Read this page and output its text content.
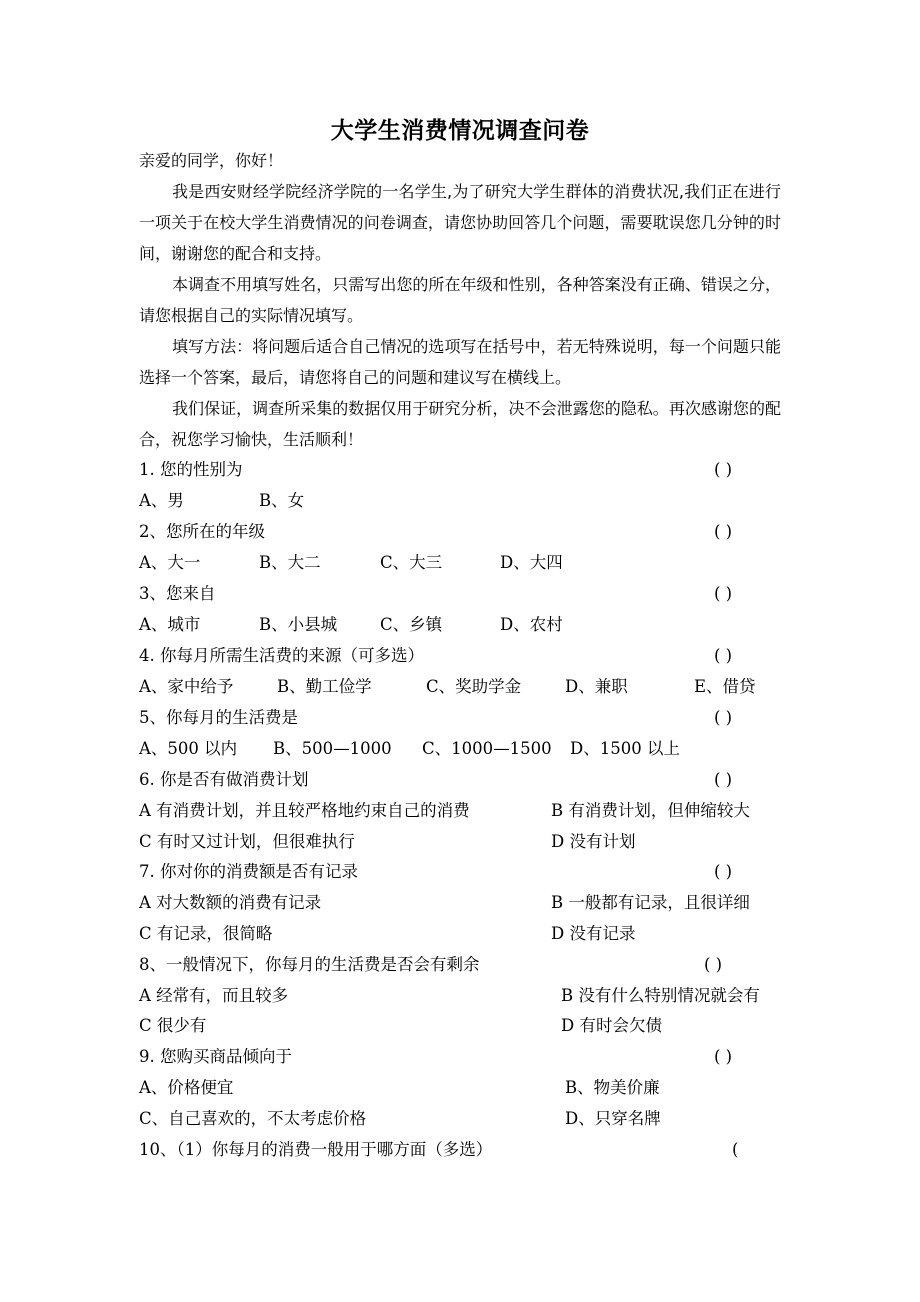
大学生消费情况调查问卷

亲爱的同学，你好！

我是西安财经学院经济学院的一名学生,为了研究大学生群体的消费状况,我们正在进行一项关于在校大学生消费情况的问卷调查，请您协助回答几个问题，需要耽误您几分钟的时间，谢谢您的配合和支持。

本调查不用填写姓名，只需写出您的所在年级和性别，各种答案没有正确、错误之分，请您根据自己的实际情况填写。

填写方法：将问题后适合自己情况的选项写在括号中，若无特殊说明，每一个问题只能选择一个答案，最后，请您将自己的问题和建议写在横线上。

我们保证，调查所采集的数据仅用于研究分析，决不会泄露您的隐私。再次感谢您的配合，祝您学习愉快，生活顺利！

1. 您的性别为	( )
A、男	B、女
2、您所在的年级	( )
A、大一	B、大二	C、大三	D、大四
3、您来自	( )
A、城市	B、小县城	C、乡镇	D、农村
4. 你每月所需生活费的来源（可多选）	( )
A、家中给予	B、勤工俭学	C、奖助学金	D、兼职	E、借贷
5、你每月的生活费是	( )
A、500 以内 B、500—1000 C、1000—1500 D、1500 以上
6. 你是否有做消费计划	( )
A 有消费计划，并且较严格地约束自己的消费	B 有消费计划，但伸缩较大
C 有时又过计划，但很难执行	D 没有计划
7. 你对你的消费额是否有记录	( )
A 对大数额的消费有记录	B 一般都有记录，且很详细
C 有记录，很简略	D 没有记录
8、一般情况下，你每月的生活费是否会有剩余	( )
A 经常有，而且较多	B 没有什么特别情况就会有
C 很少有	D 有时会欠债
9. 您购买商品倾向于	( )
A、价格便宜	B、物美价廉
C、自己喜欢的，不太考虑价格	D、只穿名牌
10、（1）你每月的消费一般用于哪方面（多选）	(
